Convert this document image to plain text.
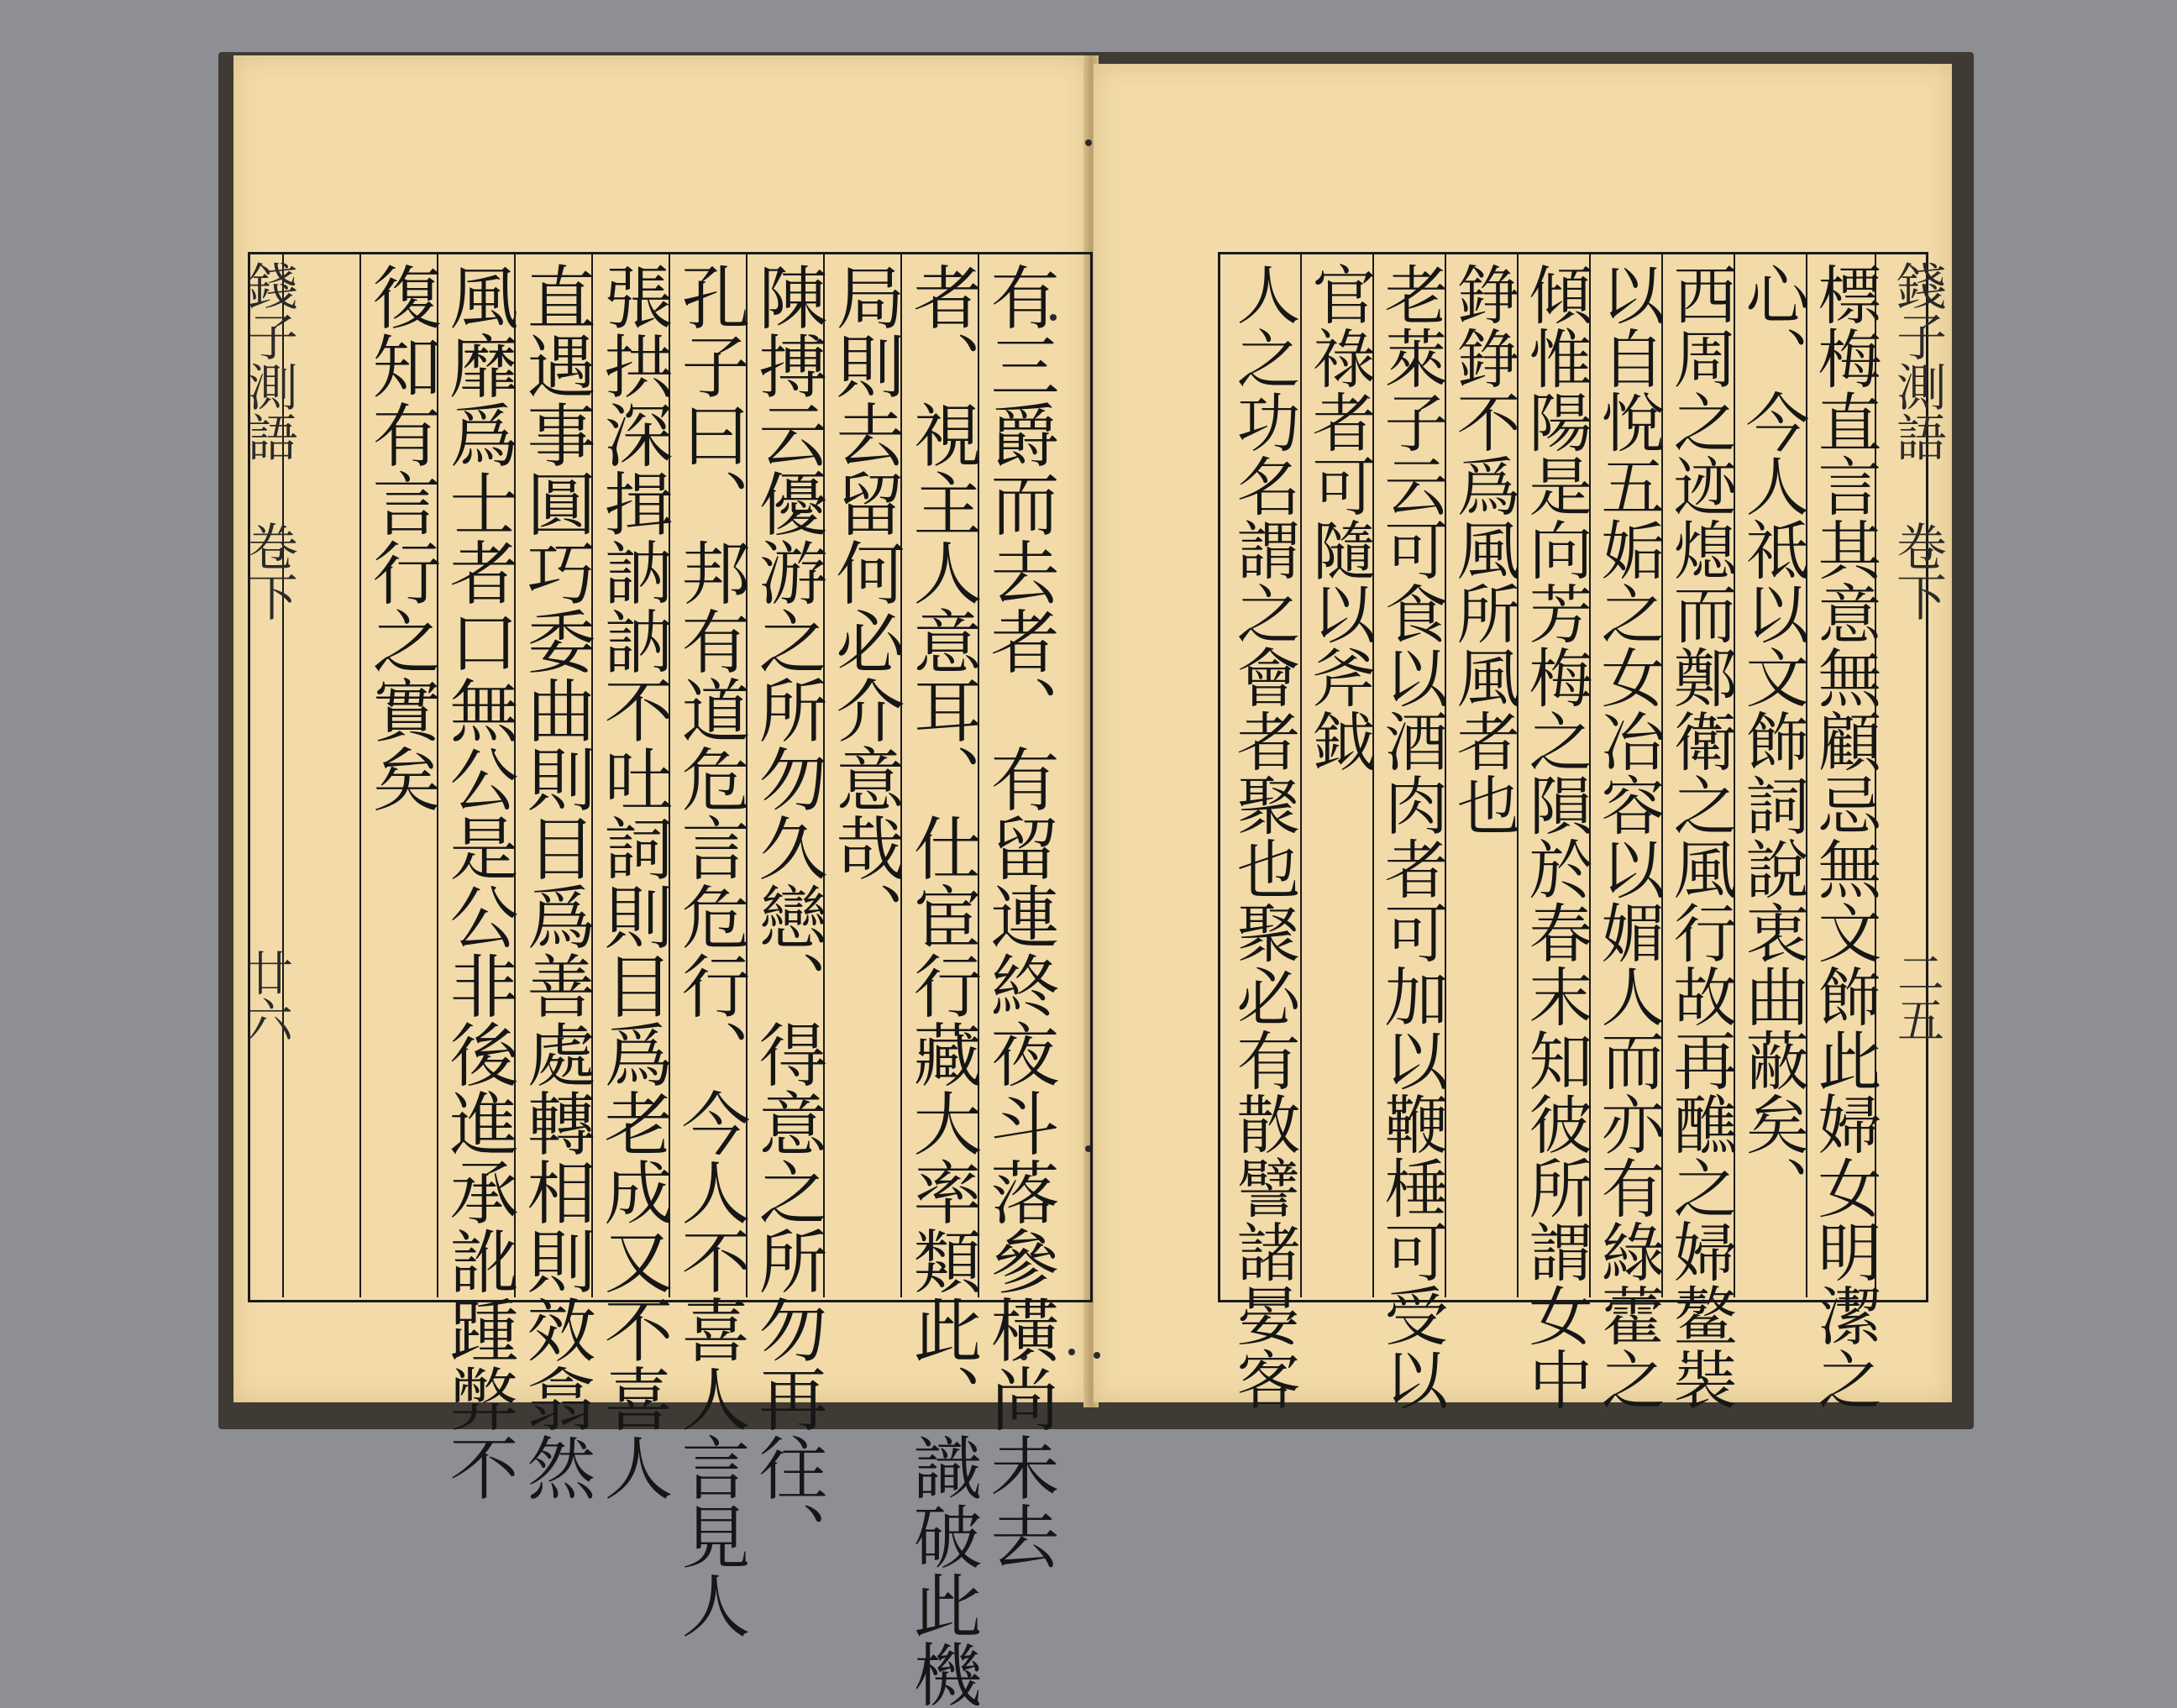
錢子測語
卷下
廿六	有三爵而去者、有留連終夜斗落參橫尚未去
者、視主人意耳、仕宦行藏大率類此、識破此機
局則去留何必介意哉、
陳搏云優游之所勿久戀、得意之所勿再往、
孔子曰、邦有道危言危行、今人不喜人言見人
張拱深揖訥訥不吐詞則目爲老成又不喜人
直遇事圓巧委曲則目爲善處轉相則效翕然
風靡爲士者口無公是公非後進承訛踵弊不
復知有言行之實矣	錢子測語
卷下
二五
標梅直言其意無顧忌無文飾此婦女明潔之
心、今人祗以文飾詞說衷曲蔽矣、
西周之迹熄而鄭衛之風行故再醮之婦鳌裝
以自悅五姤之女冶容以媚人而亦有綠藿之
傾惟陽是向芳梅之隕於春末知彼所謂女中
錚錚不爲風所風者也
老萊子云可食以酒肉者可加以鞭棰可受以
官祿者可隨以斧鉞
人之功名謂之會者聚也聚必有散譬諸晏客
